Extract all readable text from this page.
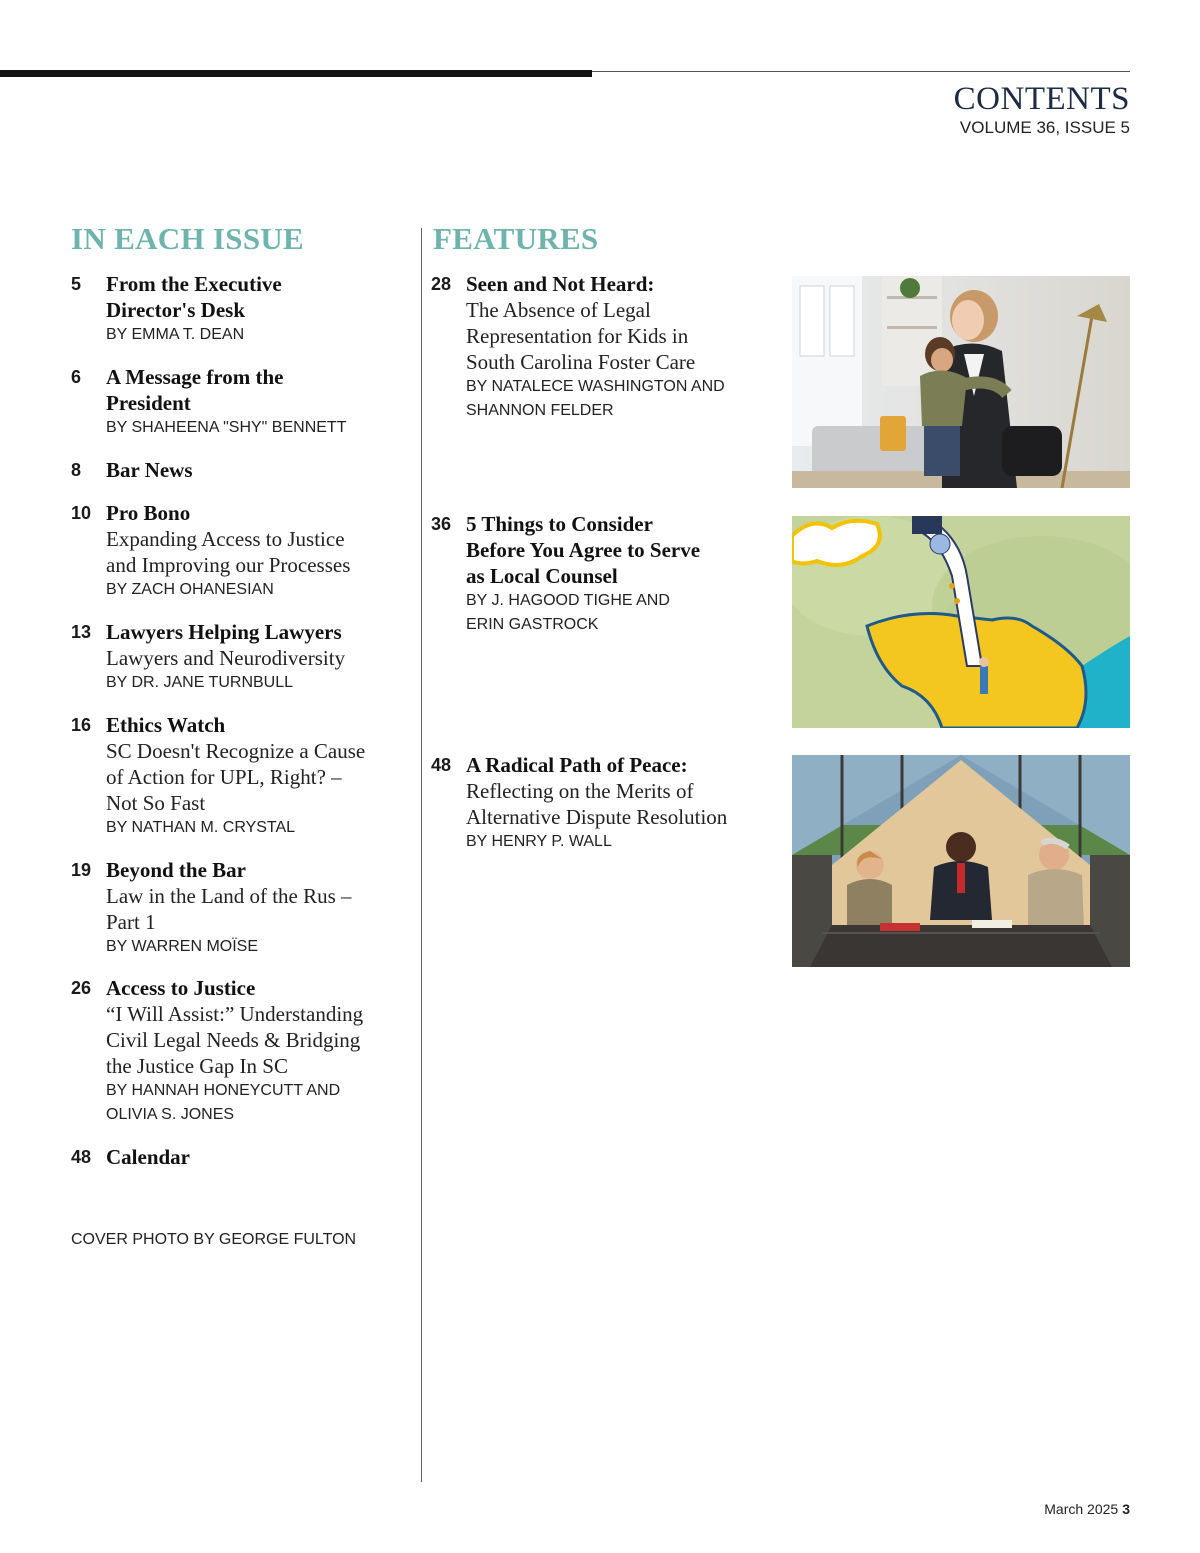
CONTENTS
VOLUME 36, ISSUE 5
IN EACH ISSUE	FEATURES
5 From the Executive
Director's Desk
BY EMMA T. DEAN
6 A Message from the
President
BY SHAHEENA "SHY" BENNETT
8 Bar News
10 Pro Bono
Expanding Access to Justice
and Improving our Processes
BY ZACH OHANESIAN
13 Lawyers Helping Lawyers
Lawyers and Neurodiversity
BY DR. JANE TURNBULL
16 Ethics Watch
SC Doesn't Recognize a Cause
of Action for UPL, Right? –
Not So Fast
BY NATHAN M. CRYSTAL
19 Beyond the Bar
Law in the Land of the Rus –
Part 1
BY WARREN MOÏSE
26 Access to Justice
“I Will Assist:” Understanding
Civil Legal Needs & Bridging
the Justice Gap In SC
BY HANNAH HONEYCUTT AND
OLIVIA S. JONES
48 Calendar
28 Seen and Not Heard:
The Absence of Legal
Representation for Kids in
South Carolina Foster Care
BY NATALECE WASHINGTON AND
SHANNON FELDER
36 5 Things to Consider
Before You Agree to Serve
as Local Counsel
BY J. HAGOOD TIGHE AND
ERIN GASTROCK
48 A Radical Path of Peace:
Reflecting on the Merits of
Alternative Dispute Resolution
BY HENRY P. WALL
COVER PHOTO BY GEORGE FULTON
March 2025 3
